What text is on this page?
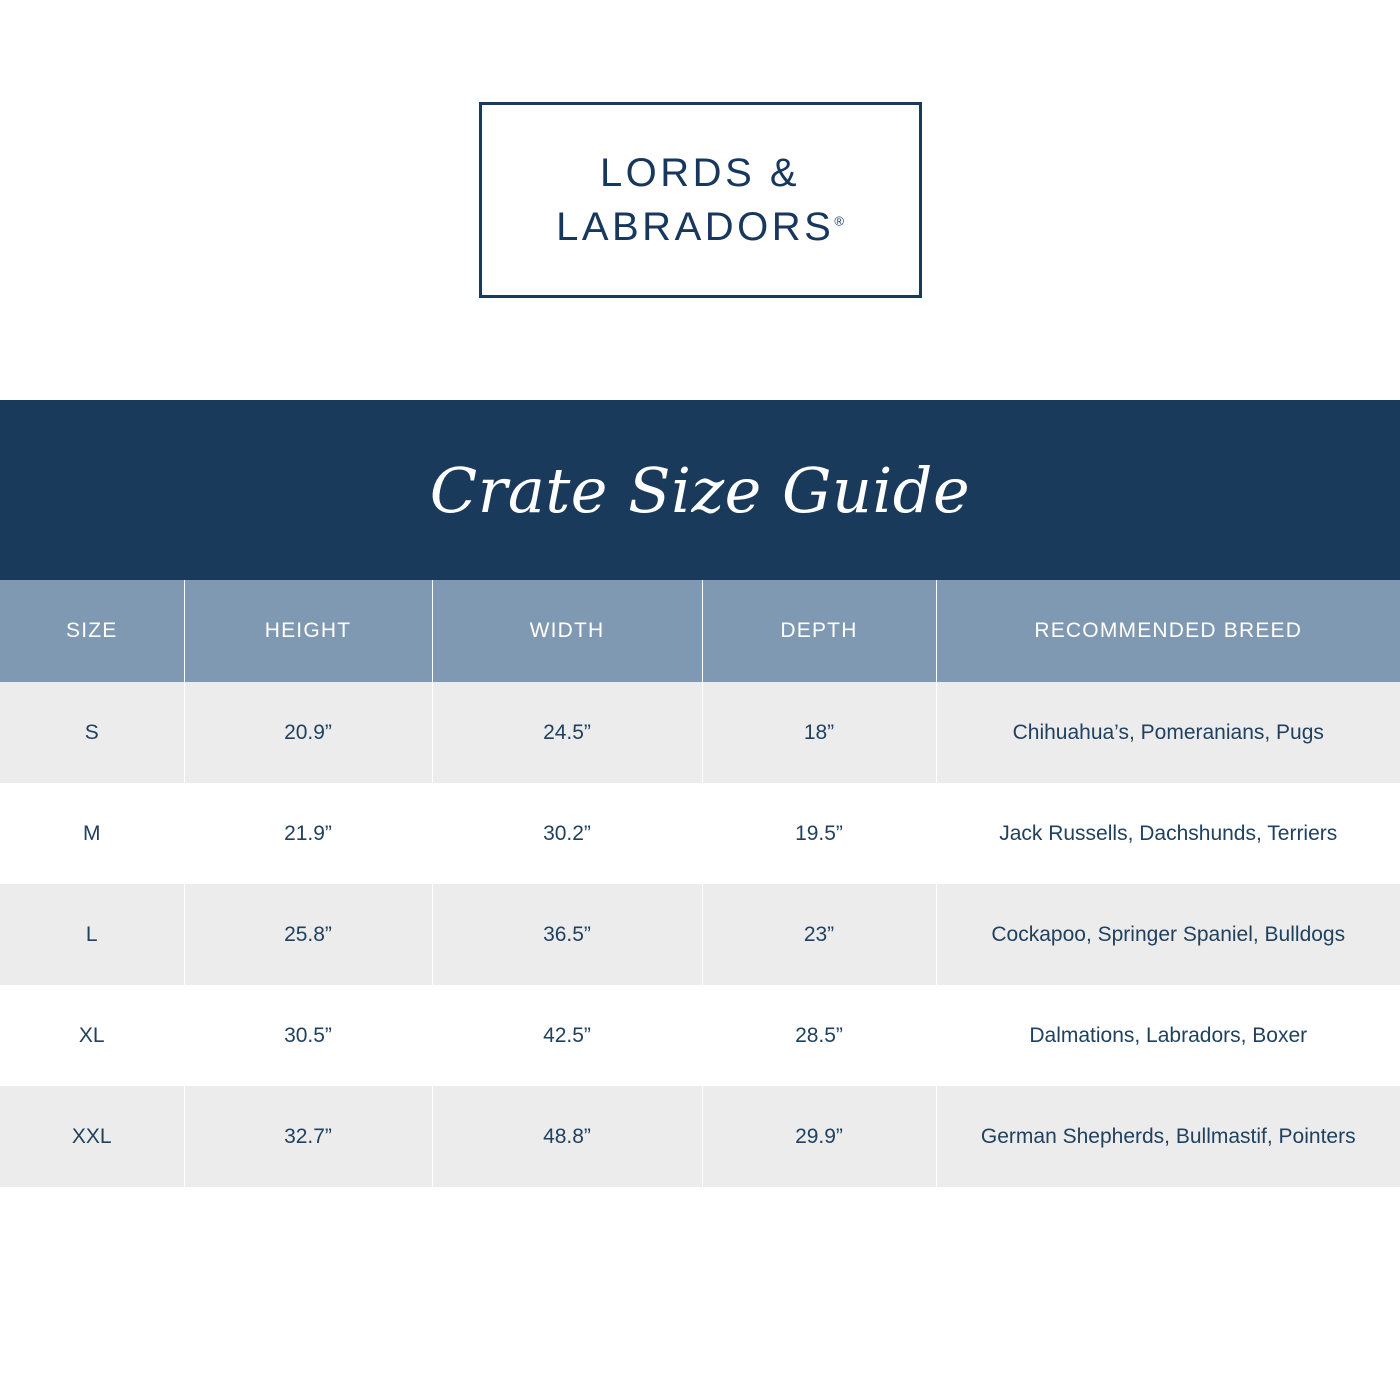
LORDS &
LABRADORS®
Crate Size Guide
SIZE	HEIGHT	WIDTH	DEPTH	RECOMMENDED BREED
S	20.9”	24.5”	18”	Chihuahua’s, Pomeranians, Pugs
M	21.9”	30.2”	19.5”	Jack Russells, Dachshunds, Terriers
L	25.8”	36.5”	23”	Cockapoo, Springer Spaniel, Bulldogs
XL	30.5”	42.5”	28.5”	Dalmations, Labradors, Boxer
XXL	32.7”	48.8”	29.9”	German Shepherds, Bullmastif, Pointers
